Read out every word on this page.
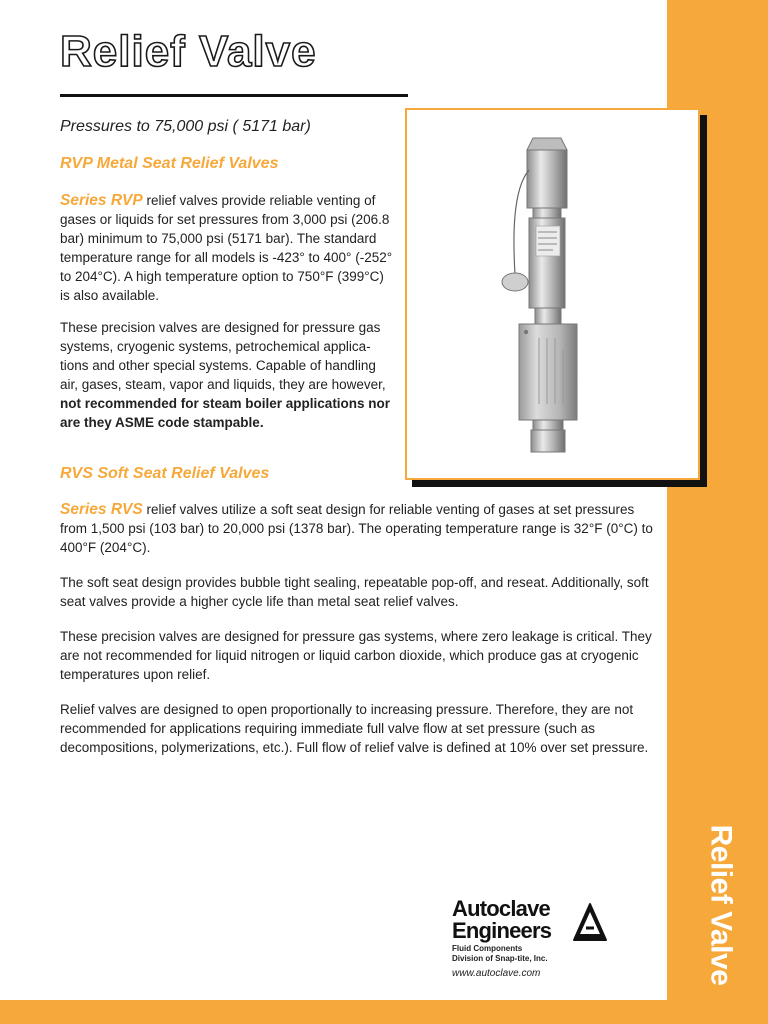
Relief Valve
Relief Valve
Pressures to 75,000 psi ( 5171 bar)
RVP Metal Seat Relief Valves

Series RVP relief valves provide reliable venting of gases or liquids for set pressures from 3,000 psi (206.8 bar) minimum to 75,000 psi (5171 bar). The standard temperature range for all models is -423° to 400° (-252° to 204°C). A high temperature option to 750°F (399°C) is also available.

These precision valves are designed for pressure gas systems, cryogenic systems, petrochemical applica-tions and other special systems. Capable of handling air, gases, steam, vapor and liquids, they are however, not recommended for steam boiler applications nor are they ASME code stampable.

RVS Soft Seat Relief Valves

Series RVS relief valves utilize a soft seat design for reliable venting of gases at set pressures from 1,500 psi (103 bar) to 20,000 psi (1378 bar). The operating temperature range is 32°F (0°C) to 400°F (204°C).

The soft seat design provides bubble tight sealing, repeatable pop-off, and reseat. Additionally, soft seat valves provide a higher cycle life than metal seat relief valves.

These precision valves are designed for pressure gas systems, where zero leakage is critical. They are not recommended for liquid nitrogen or liquid carbon dioxide, which produce gas at cryogenic temperatures upon relief.

Relief valves are designed to open proportionally to increasing pressure. Therefore, they are not recommended for applications requiring immediate full valve flow at set pressure (such as decompositions, polymerizations, etc.). Full flow of relief valve is defined at 10% over set pressure.

Autoclave
Engineers
Fluid Components
Division of Snap-tite, Inc.
www.autoclave.com
